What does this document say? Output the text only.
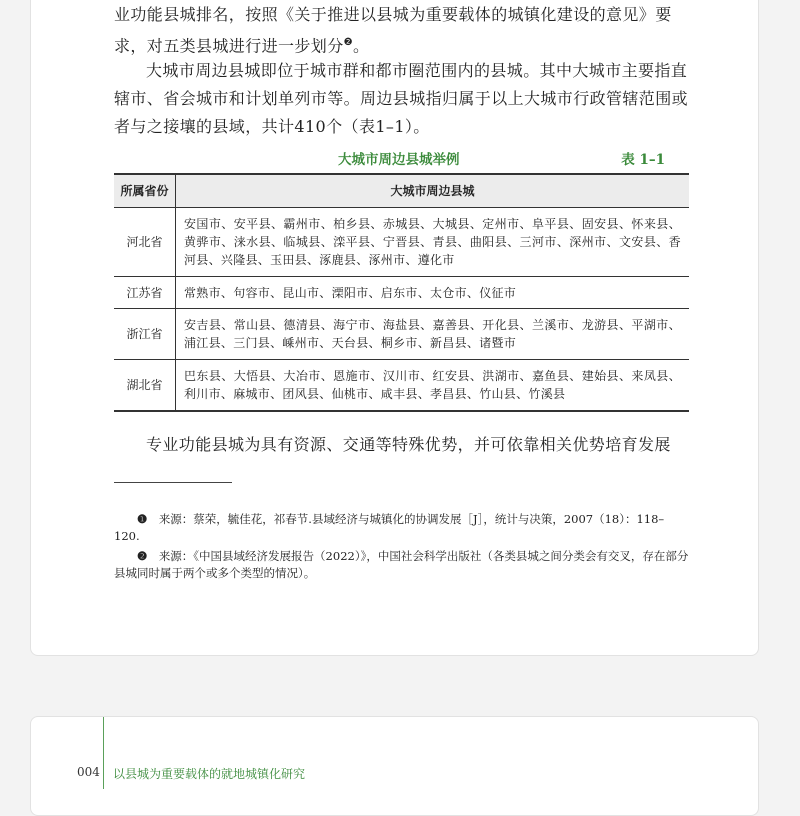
业功能县城排名，按照《关于推进以县城为重要载体的城镇化建设的意见》要求，对五类县城进行进一步划分$^❷$。

大城市周边县城即位于城市群和都市圈范围内的县城。其中大城市主要指直辖市、省会城市和计划单列市等。周边县城指归属于以上大城市行政管辖范围或者与之接壤的县域，共计410个（表1–1）。

大城市周边县城举例	表 1–1
所属省份	大城市周边县城
河北省	安国市、安平县、霸州市、柏乡县、赤城县、大城县、定州市、阜平县、固安县、怀来县、黄骅市、涞水县、临城县、滦平县、宁晋县、青县、曲阳县、三河市、深州市、文安县、香河县、兴隆县、玉田县、涿鹿县、涿州市、遵化市
江苏省	常熟市、句容市、昆山市、溧阳市、启东市、太仓市、仪征市
浙江省	安吉县、常山县、德清县、海宁市、海盐县、嘉善县、开化县、兰溪市、龙游县、平湖市、浦江县、三门县、嵊州市、天台县、桐乡市、新昌县、诸暨市
湖北省	巴东县、大悟县、大冶市、恩施市、汉川市、红安县、洪湖市、嘉鱼县、建始县、来凤县、利川市、麻城市、团风县、仙桃市、咸丰县、孝昌县、竹山县、竹溪县

专业功能县城为具有资源、交通等特殊优势，并可依靠相关优势培育发展

❶　 来源：蔡荣，毓佳花，祁春节.县域经济与城镇化的协调发展［J］，统计与决策，2007（18）：118–120.

❷　 来源：《中国县域经济发展报告（2022）》，中国社会科学出版社（各类县城之间分类会有交叉，存在部分县城同时属于两个或多个类型的情况）。

004 以县城为重要载体的就地城镇化研究
